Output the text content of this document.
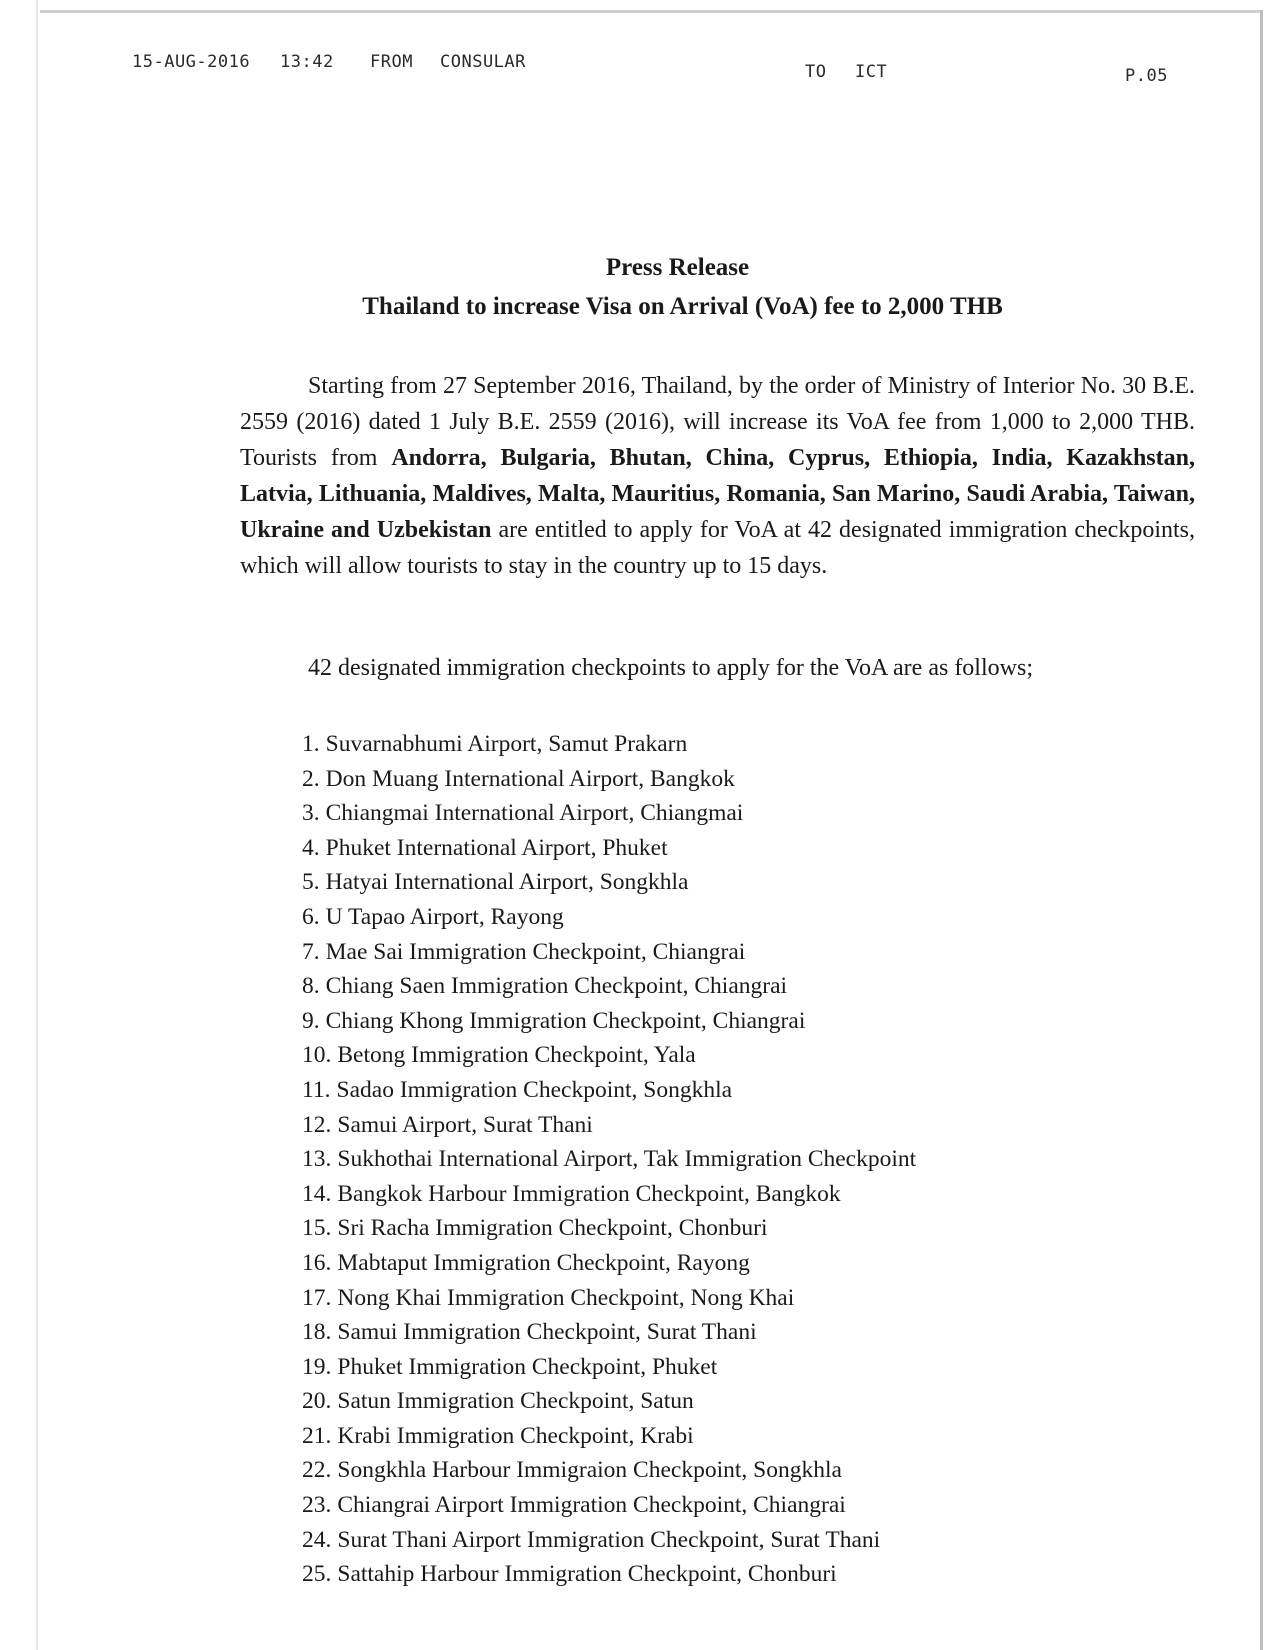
15-AUG-2016 13:42 FROM CONSULAR	TO ICT	P.05
Press Release
Thailand to increase Visa on Arrival (VoA) fee to 2,000 THB

Starting from 27 September 2016, Thailand, by the order of Ministry of Interior No. 30 B.E. 2559 (2016) dated 1 July B.E. 2559 (2016), will increase its VoA fee from 1,000 to 2,000 THB. Tourists from Andorra, Bulgaria, Bhutan, China, Cyprus, Ethiopia, India, Kazakhstan, Latvia, Lithuania, Maldives, Malta, Mauritius, Romania, San Marino, Saudi Arabia, Taiwan, Ukraine and Uzbekistan are entitled to apply for VoA at 42 designated immigration checkpoints, which will allow tourists to stay in the country up to 15 days.

42 designated immigration checkpoints to apply for the VoA are as follows;

1. Suvarnabhumi Airport, Samut Prakarn
2. Don Muang International Airport, Bangkok
3. Chiangmai International Airport, Chiangmai
4. Phuket International Airport, Phuket
5. Hatyai International Airport, Songkhla
6. U Tapao Airport, Rayong
7. Mae Sai Immigration Checkpoint, Chiangrai
8. Chiang Saen Immigration Checkpoint, Chiangrai
9. Chiang Khong Immigration Checkpoint, Chiangrai
10. Betong Immigration Checkpoint, Yala
11. Sadao Immigration Checkpoint, Songkhla
12. Samui Airport, Surat Thani
13. Sukhothai International Airport, Tak Immigration Checkpoint
14. Bangkok Harbour Immigration Checkpoint, Bangkok
15. Sri Racha Immigration Checkpoint, Chonburi
16. Mabtaput Immigration Checkpoint, Rayong
17. Nong Khai Immigration Checkpoint, Nong Khai
18. Samui Immigration Checkpoint, Surat Thani
19. Phuket Immigration Checkpoint, Phuket
20. Satun Immigration Checkpoint, Satun
21. Krabi Immigration Checkpoint, Krabi
22. Songkhla Harbour Immigraion Checkpoint, Songkhla
23. Chiangrai Airport Immigration Checkpoint, Chiangrai
24. Surat Thani Airport Immigration Checkpoint, Surat Thani
25. Sattahip Harbour Immigration Checkpoint, Chonburi
